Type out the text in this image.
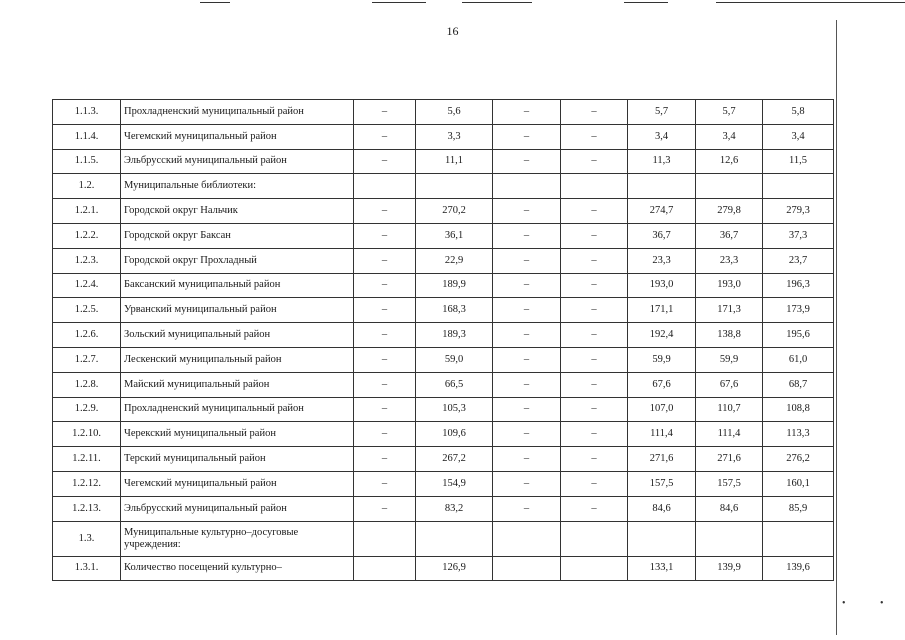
16
•	•
1.1.3.	Прохладненский муниципальный район	–	5,6	–	–	5,7	5,7	5,8
1.1.4.	Чегемский муниципальный район	–	3,3	–	–	3,4	3,4	3,4
1.1.5.	Эльбрусский муниципальный район	–	11,1	–	–	11,3	12,6	11,5
1.2.	Муниципальные библиотеки:							
1.2.1.	Городской округ Нальчик	–	270,2	–	–	274,7	279,8	279,3
1.2.2.	Городской округ Баксан	–	36,1	–	–	36,7	36,7	37,3
1.2.3.	Городской округ Прохладный	–	22,9	–	–	23,3	23,3	23,7
1.2.4.	Баксанский муниципальный район	–	189,9	–	–	193,0	193,0	196,3
1.2.5.	Урванский муниципальный район	–	168,3	–	–	171,1	171,3	173,9
1.2.6.	Зольский муниципальный район	–	189,3	–	–	192,4	138,8	195,6
1.2.7.	Лескенский муниципальный район	–	59,0	–	–	59,9	59,9	61,0
1.2.8.	Майский муниципальный район	–	66,5	–	–	67,6	67,6	68,7
1.2.9.	Прохладненский муниципальный район	–	105,3	–	–	107,0	110,7	108,8
1.2.10.	Черекский муниципальный район	–	109,6	–	–	111,4	111,4	113,3
1.2.11.	Терский муниципальный район	–	267,2	–	–	271,6	271,6	276,2
1.2.12.	Чегемский муниципальный район	–	154,9	–	–	157,5	157,5	160,1
1.2.13.	Эльбрусский муниципальный район	–	83,2	–	–	84,6	84,6	85,9
1.3.	Муниципальные культурно–досуговые учреждения:							
1.3.1.	Количество посещений культурно–		126,9			133,1	139,9	139,6
